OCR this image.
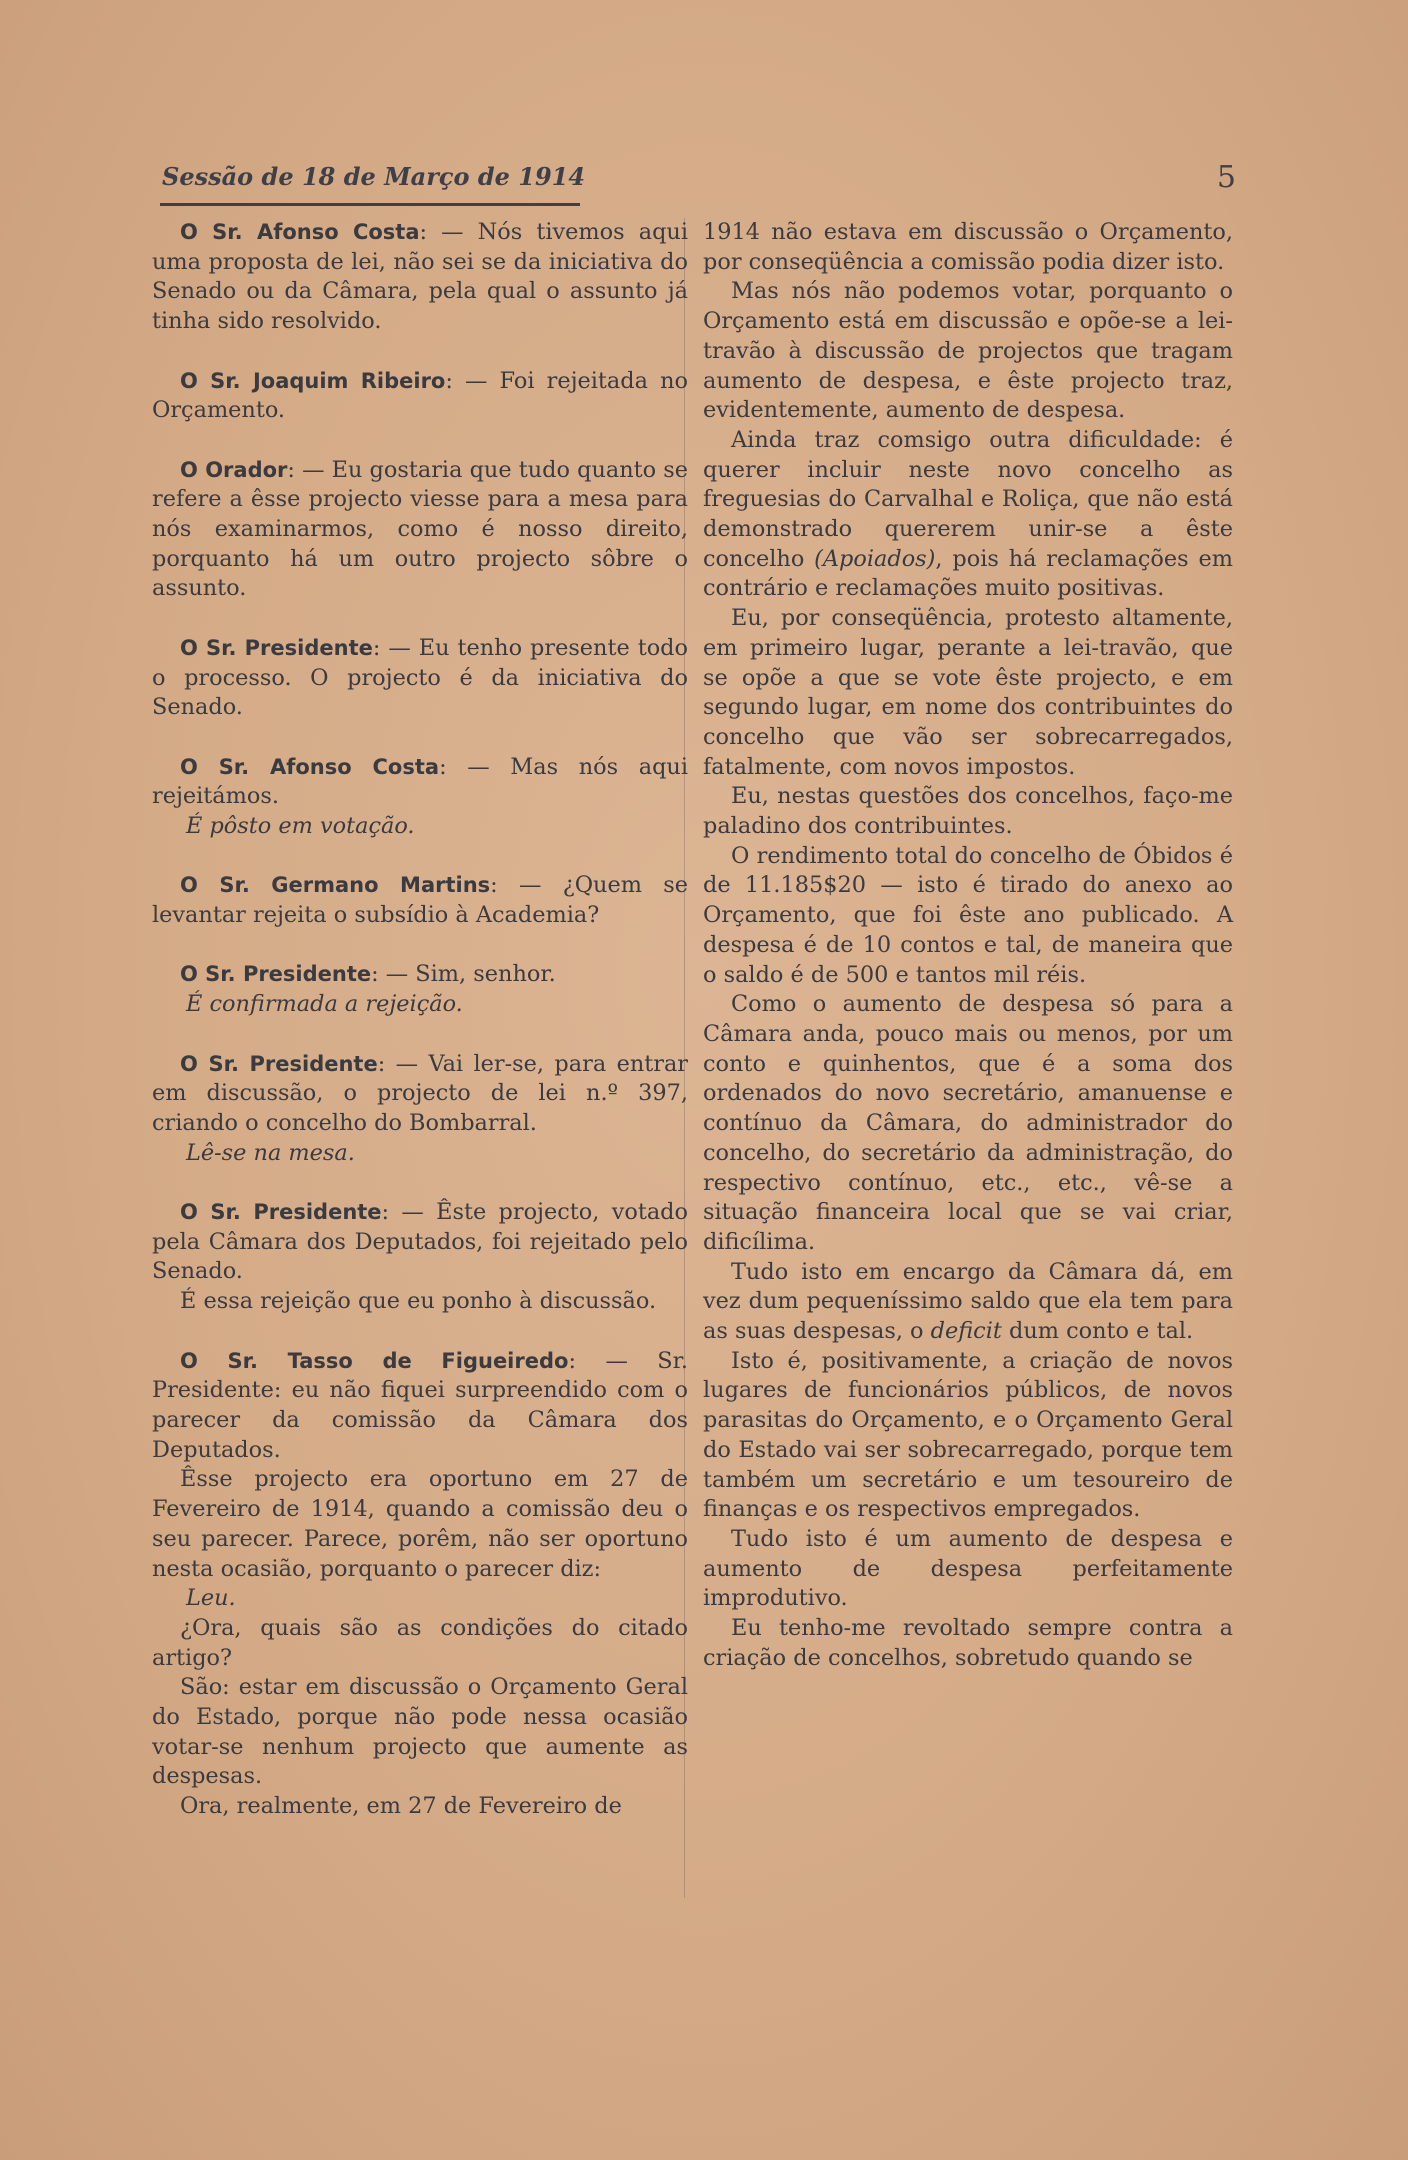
Sessão de 18 de Março de 1914	5

O Sr. Afonso Costa: — Nós tivemos aqui uma proposta de lei, não sei se da iniciativa do Senado ou da Câmara, pela qual o assunto já tinha sido resolvido.

O Sr. Joaquim Ribeiro: — Foi rejeitada no Orçamento.

O Orador: — Eu gostaria que tudo quanto se refere a êsse projecto viesse para a mesa para nós examinarmos, como é nosso direito, porquanto há um outro projecto sôbre o assunto.

O Sr. Presidente: — Eu tenho presente todo o processo. O projecto é da iniciativa do Senado.

O Sr. Afonso Costa: — Mas nós aqui rejeitámos.

É pôsto em votação.

O Sr. Germano Martins: — ¿Quem se levantar rejeita o subsídio à Academia?

O Sr. Presidente: — Sim, senhor.

É confirmada a rejeição.

O Sr. Presidente: — Vai ler-se, para entrar em discussão, o projecto de lei n.º 397, criando o concelho do Bombarral.

Lê-se na mesa.

O Sr. Presidente: — Êste projecto, votado pela Câmara dos Deputados, foi rejeitado pelo Senado.

É essa rejeição que eu ponho à discussão.

O Sr. Tasso de Figueiredo: — Sr. Presidente: eu não fiquei surpreendido com o parecer da comissão da Câmara dos Deputados.

Êsse projecto era oportuno em 27 de Fevereiro de 1914, quando a comissão deu o seu parecer. Parece, porêm, não ser oportuno nesta ocasião, porquanto o parecer diz:

Leu.

¿Ora, quais são as condições do citado artigo?

São: estar em discussão o Orçamento Geral do Estado, porque não pode nessa ocasião votar-se nenhum projecto que aumente as despesas.

Ora, realmente, em 27 de Fevereiro de

1914 não estava em discussão o Orçamento, por conseqüência a comissão podia dizer isto.

Mas nós não podemos votar, porquanto o Orçamento está em discussão e opõe-se a lei-travão à discussão de projectos que tragam aumento de despesa, e êste projecto traz, evidentemente, aumento de despesa.

Ainda traz comsigo outra dificuldade: é querer incluir neste novo concelho as freguesias do Carvalhal e Roliça, que não está demonstrado quererem unir-se a êste concelho (Apoiados), pois há reclamações em contrário e reclamações muito positivas.

Eu, por conseqüência, protesto altamente, em primeiro lugar, perante a lei-travão, que se opõe a que se vote êste projecto, e em segundo lugar, em nome dos contribuintes do concelho que vão ser sobrecarregados, fatalmente, com novos impostos.

Eu, nestas questões dos concelhos, faço-me paladino dos contribuintes.

O rendimento total do concelho de Óbidos é de 11.185$20 — isto é tirado do anexo ao Orçamento, que foi êste ano publicado. A despesa é de 10 contos e tal, de maneira que o saldo é de 500 e tantos mil réis.

Como o aumento de despesa só para a Câmara anda, pouco mais ou menos, por um conto e quinhentos, que é a soma dos ordenados do novo secretário, amanuense e contínuo da Câmara, do administrador do concelho, do secretário da administração, do respectivo contínuo, etc., etc., vê-se a situação financeira local que se vai criar, dificílima.

Tudo isto em encargo da Câmara dá, em vez dum pequeníssimo saldo que ela tem para as suas despesas, o deficit dum conto e tal.

Isto é, positivamente, a criação de novos lugares de funcionários públicos, de novos parasitas do Orçamento, e o Orçamento Geral do Estado vai ser sobrecarregado, porque tem também um secretário e um tesoureiro de finanças e os respectivos empregados.

Tudo isto é um aumento de despesa e aumento de despesa perfeitamente improdutivo.

Eu tenho-me revoltado sempre contra a criação de concelhos, sobretudo quando se
